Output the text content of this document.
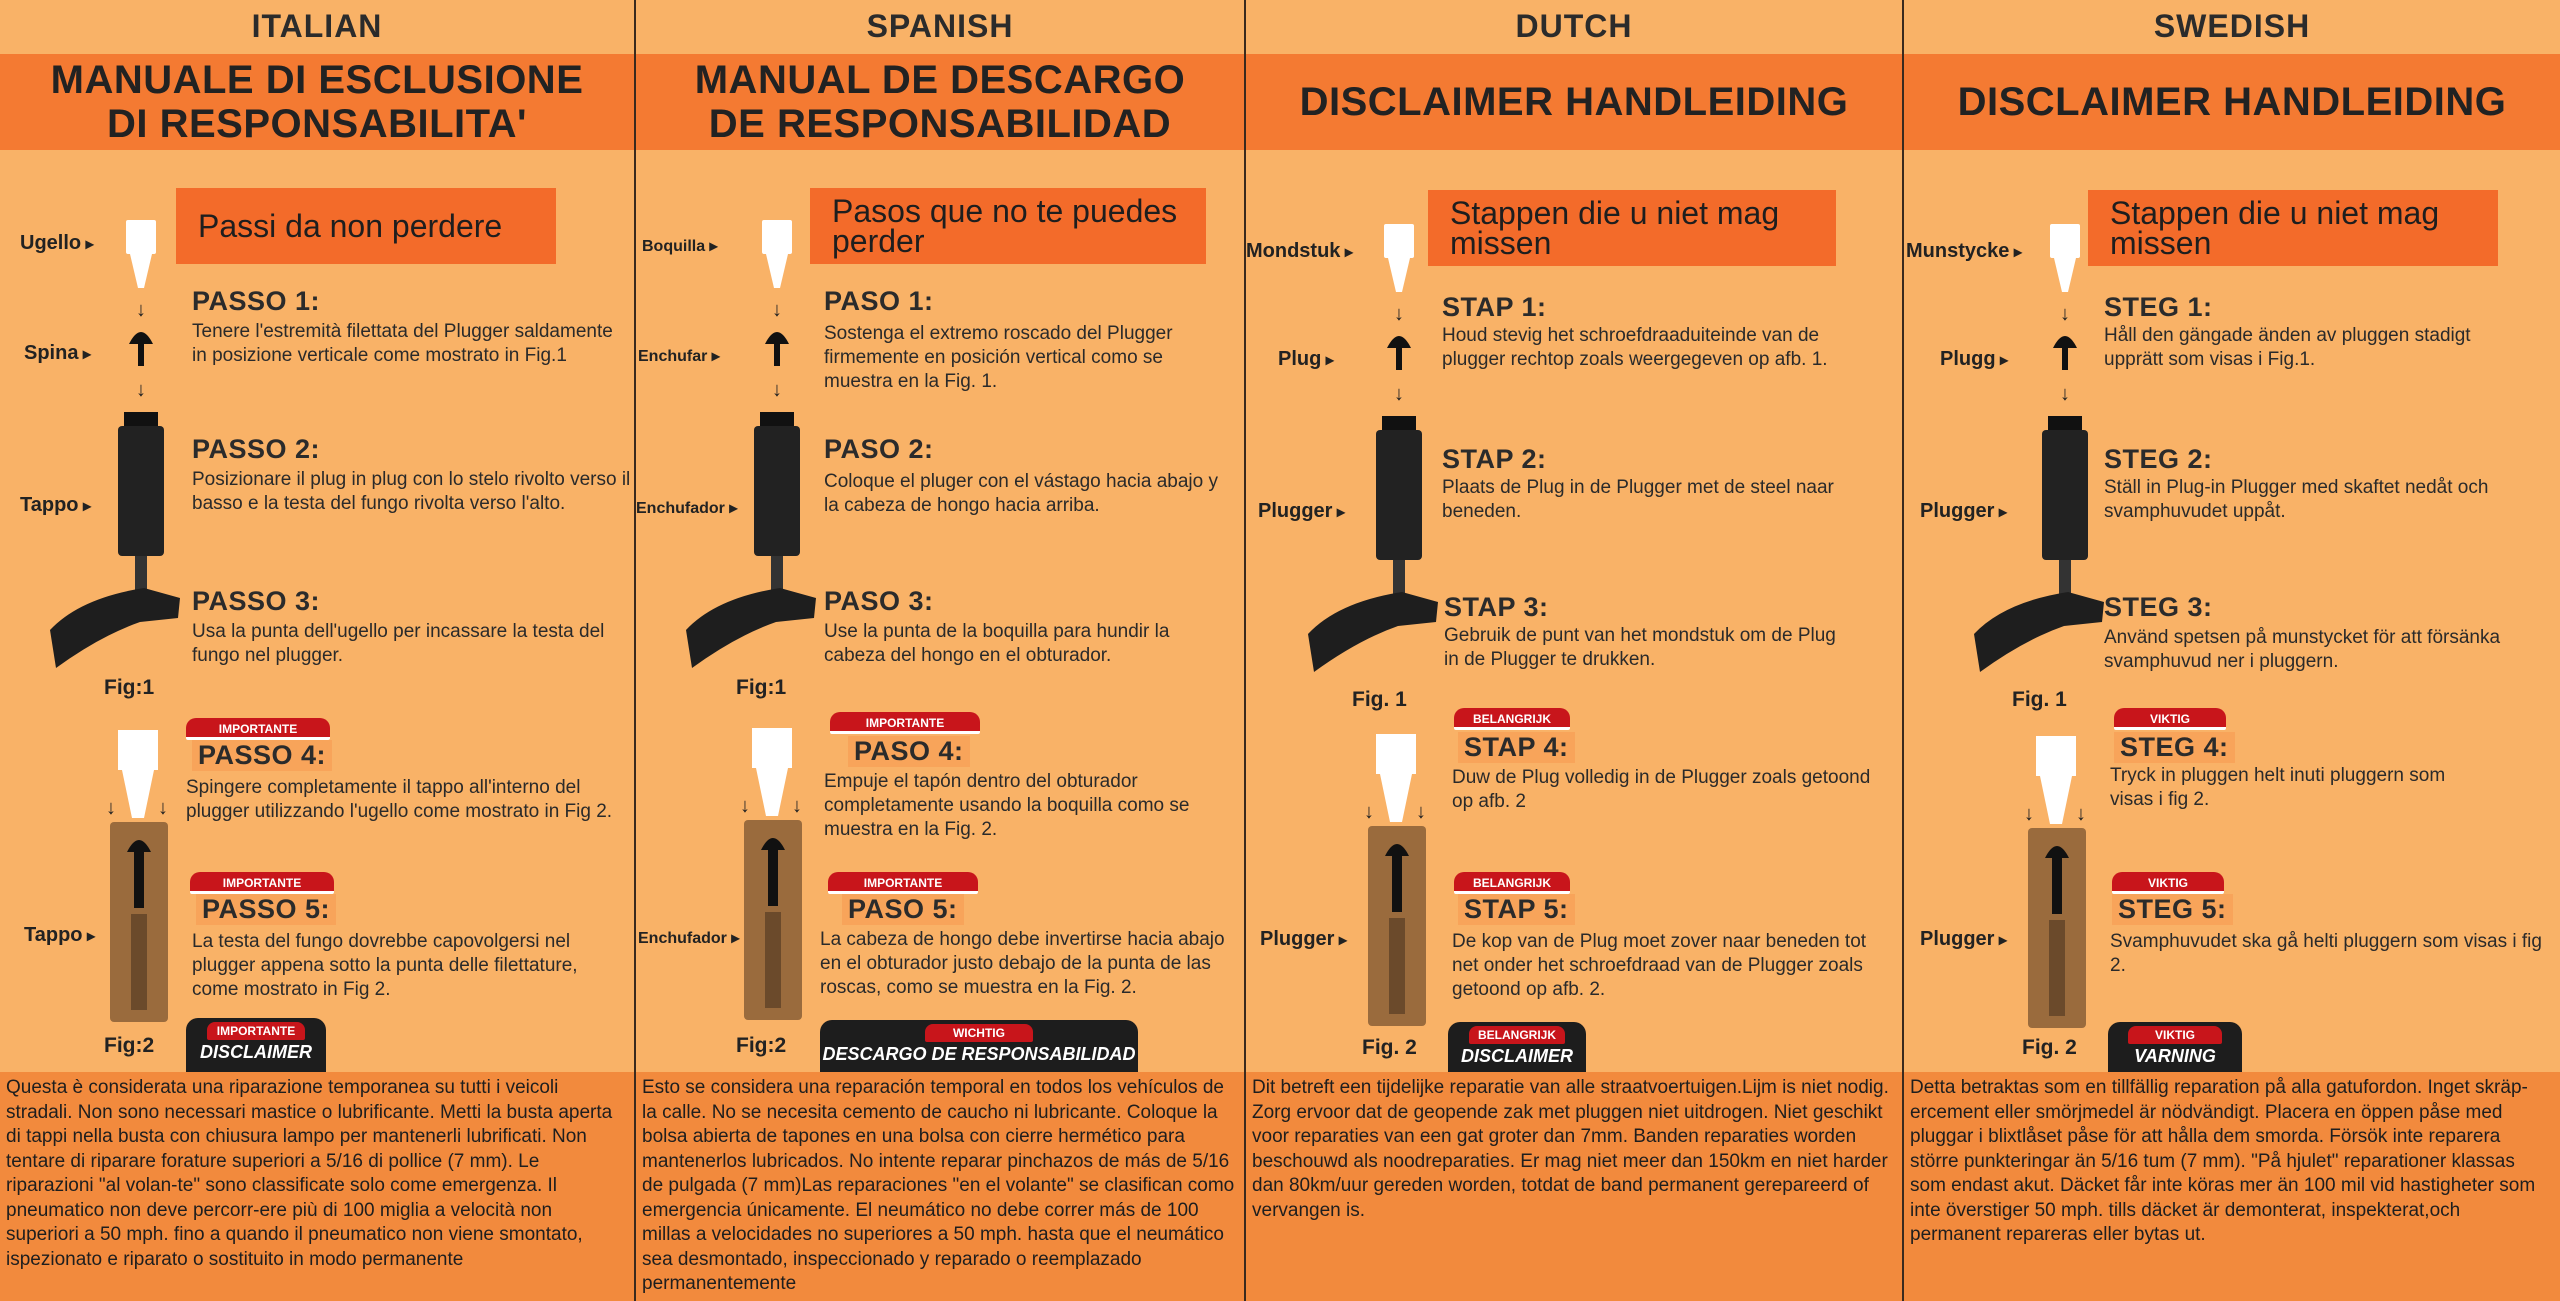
ITALIAN
MANUALE DI ESCLUSIONE DI RESPONSABILITA'
Passi da non perdere
Ugello ▸
Spina ▸
Tappo ▸
Tappo ▸
↓
↓
Fig:1
↓ ↓
Fig:2
PASSO 1:
Tenere l'estremità filettata del Plugger saldamente in posizione verticale come mostrato in Fig.1
PASSO 2:
Posizionare il plug in plug con lo stelo rivolto verso il basso e la testa del fungo rivolta verso l'alto.
PASSO 3:
Usa la punta dell'ugello per incassare la testa del fungo nel plugger.
IMPORTANTE
PASSO 4:
Spingere completamente il tappo all'interno del plugger utilizzando l'ugello come mostrato in Fig 2.
IMPORTANTE
PASSO 5:
La testa del fungo dovrebbe capovolgersi nel plugger appena sotto la punta delle filettature, come mostrato in Fig 2.
IMPORTANTE
DISCLAIMER
Questa è considerata una riparazione temporanea su tutti i veicoli stradali. Non sono necessari mastice o lubrificante. Metti la busta aperta di tappi nella busta con chiusura lampo per mantenerli lubrificati. Non tentare di riparare forature superiori a 5/16 di pollice (7 mm). Le riparazioni "al volan-te" sono classificate solo come emergenza. Il pneumatico non deve percorr-ere più di 100 miglia a velocità non superiori a 50 mph. fino a quando il pneumatico non viene smontato, ispezionato e riparato o sostituito in modo permanente
SPANISH
MANUAL DE DESCARGO DE RESPONSABILIDAD
Pasos que no te puedes perder
Boquilla ▸
Enchufar ▸
Enchufador ▸
Enchufador ▸
↓
↓
Fig:1
↓ ↓
Fig:2
PASO 1:
Sostenga el extremo roscado del Plugger firmemente en posición vertical como se muestra en la Fig. 1.
PASO 2:
Coloque el pluger con el vástago hacia abajo y la cabeza de hongo hacia arriba.
PASO 3:
Use la punta de la boquilla para hundir la cabeza del hongo en el obturador.
IMPORTANTE
PASO 4:
Empuje el tapón dentro del obturador completamente usando la boquilla como se muestra en la Fig. 2.
IMPORTANTE
PASO 5:
La cabeza de hongo debe invertirse hacia abajo en el obturador justo debajo de la punta de las roscas, como se muestra en la Fig. 2.
WICHTIG
DESCARGO DE RESPONSABILIDAD
Esto se considera una reparación temporal en todos los vehículos de la calle. No se necesita cemento de caucho ni lubricante. Coloque la bolsa abierta de tapones en una bolsa con cierre hermético para mantenerlos lubricados. No intente reparar pinchazos de más de 5/16 de pulgada (7 mm)Las reparaciones "en el volante" se clasifican como emergencia únicamente. El neumático no debe correr más de 100 millas a velocidades no superiores a 50 mph. hasta que el neumático sea desmontado, inspeccionado y reparado o reemplazado permanentemente
DUTCH
DISCLAIMER HANDLEIDING
Stappen die u niet mag missen
Mondstuk ▸
Plug ▸
Plugger ▸
Plugger ▸
↓
↓
Fig. 1
↓ ↓
Fig. 2
STAP 1:
Houd stevig het schroefdraaduiteinde van de plugger rechtop zoals weergegeven op afb. 1.
STAP 2:
Plaats de Plug in de Plugger met de steel naar beneden.
STAP 3:
Gebruik de punt van het mondstuk om de Plug in de Plugger te drukken.
BELANGRIJK
STAP 4:
Duw de Plug volledig in de Plugger zoals getoond op afb. 2
BELANGRIJK
STAP 5:
De kop van de Plug moet zover naar beneden tot net onder het schroefdraad van de Plugger zoals getoond op afb. 2.
BELANGRIJK
DISCLAIMER
Dit betreft een tijdelijke reparatie van alle straatvoertuigen.Lijm is niet nodig. Zorg ervoor dat de geopende zak met pluggen niet uitdrogen. Niet geschikt voor reparaties van een gat groter dan 7mm. Banden reparaties worden beschouwd als noodreparaties. Er mag niet meer dan 150km en niet harder dan 80km/uur gereden worden, totdat de band permanent gerepareerd of vervangen is.
SWEDISH
DISCLAIMER HANDLEIDING
Stappen die u niet mag missen
Munstycke ▸
Plugg ▸
Plugger ▸
Plugger ▸
↓
↓
Fig. 1
↓ ↓
Fig. 2
STEG 1:
Håll den gängade änden av pluggen stadigt upprätt som visas i Fig.1.
STEG 2:
Ställ in Plug-in Plugger med skaftet nedåt och svamphuvudet uppåt.
STEG 3:
Använd spetsen på munstycket för att försänka svamphuvud ner i pluggern.
VIKTIG
STEG 4:
Tryck in pluggen helt inuti pluggern som visas i fig 2.
VIKTIG
STEG 5:
Svamphuvudet ska gå helti pluggern som visas i fig 2.
VIKTIG
VARNING
Detta betraktas som en tillfällig reparation på alla gatufordon. Inget skräp-ercement eller smörjmedel är nödvändigt. Placera en öppen påse med pluggar i blixtlåset påse för att hålla dem smorda. Försök inte reparera större punkteringar än 5/16 tum (7 mm). "På hjulet" reparationer klassas som endast akut. Däcket får inte köras mer än 100 mil vid hastigheter som inte överstiger 50 mph. tills däcket är demonterat, inspekterat,och permanent repareras eller bytas ut.
